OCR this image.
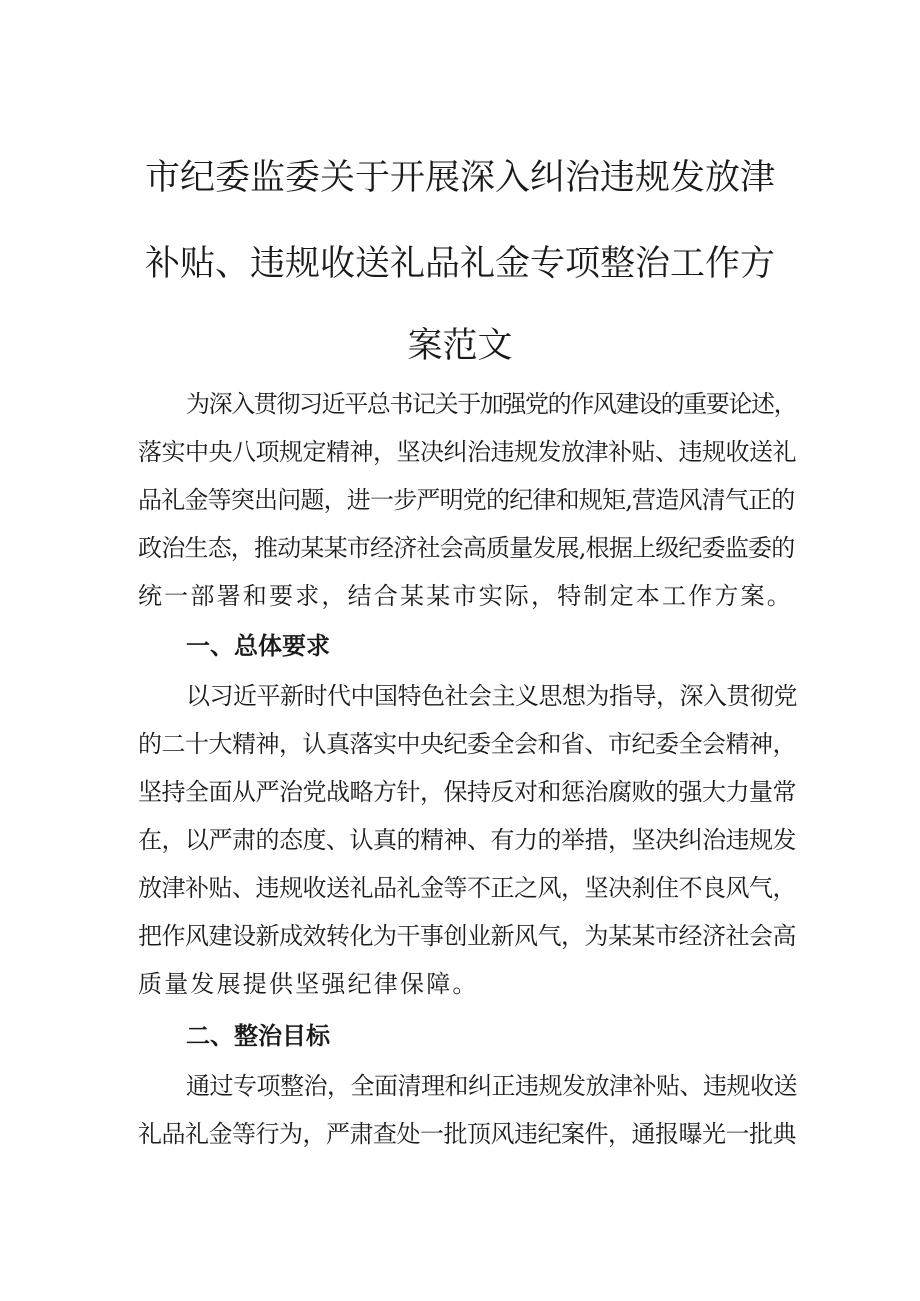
市纪委监委关于开展深入纠治违规发放津
补贴、违规收送礼品礼金专项整治工作方
案范文

为深入贯彻习近平总书记关于加强党的作风建设的重要论述，

落实中央八项规定精神，坚决纠治违规发放津补贴、违规收送礼

品礼金等突出问题，进一步严明党的纪律和规矩,营造风清气正的

政治生态，推动某某市经济社会高质量发展,根据上级纪委监委的

统一部署和要求，结合某某市实际，特制定本工作方案。

一、总体要求

以习近平新时代中国特色社会主义思想为指导，深入贯彻党

的二十大精神，认真落实中央纪委全会和省、市纪委全会精神，

坚持全面从严治党战略方针，保持反对和惩治腐败的强大力量常

在，以严肃的态度、认真的精神、有力的举措，坚决纠治违规发

放津补贴、违规收送礼品礼金等不正之风，坚决刹住不良风气，

把作风建设新成效转化为干事创业新风气，为某某市经济社会高

质量发展提供坚强纪律保障。

二、整治目标

通过专项整治，全面清理和纠正违规发放津补贴、违规收送

礼品礼金等行为，严肃查处一批顶风违纪案件，通报曝光一批典
